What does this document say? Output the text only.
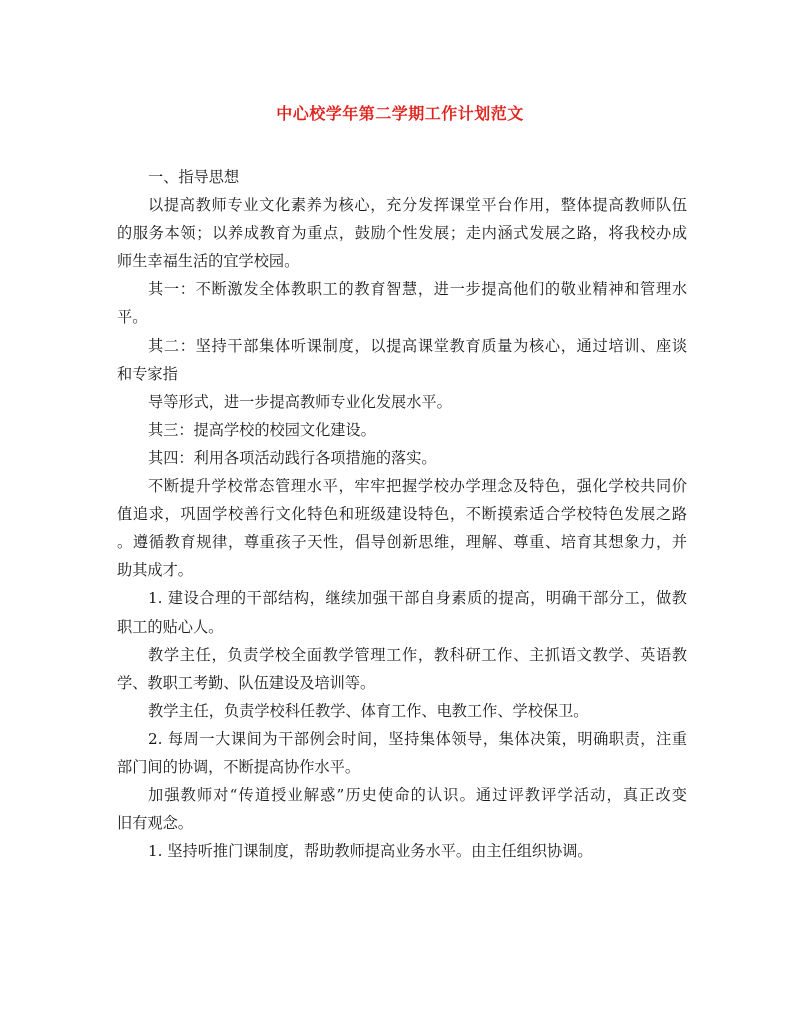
中心校学年第二学期工作计划范文
一、指导思想
以提高教师专业文化素养为核心，充分发挥课堂平台作用，整体提高教师队伍
的服务本领；以养成教育为重点，鼓励个性发展；走内涵式发展之路，将我校办成
师生幸福生活的宜学校园。
其一：不断激发全体教职工的教育智慧，进一步提高他们的敬业精神和管理水
平。
其二：坚持干部集体听课制度，以提高课堂教育质量为核心，通过培训、座谈
和专家指
导等形式，进一步提高教师专业化发展水平。
其三：提高学校的校园文化建设。
其四：利用各项活动践行各项措施的落实。
不断提升学校常态管理水平，牢牢把握学校办学理念及特色，强化学校共同价
值追求，巩固学校善行文化特色和班级建设特色，不断摸索适合学校特色发展之路
。遵循教育规律，尊重孩子天性，倡导创新思维，理解、尊重、培育其想象力，并
助其成才。
1. 建设合理的干部结构，继续加强干部自身素质的提高，明确干部分工，做教
职工的贴心人。
教学主任，负责学校全面教学管理工作，教科研工作、主抓语文教学、英语教
学、教职工考勤、队伍建设及培训等。
教学主任，负责学校科任教学、体育工作、电教工作、学校保卫。
2. 每周一大课间为干部例会时间，坚持集体领导，集体决策，明确职责，注重
部门间的协调，不断提高协作水平。
加强教师对“传道授业解惑”历史使命的认识。通过评教评学活动，真正改变
旧有观念。
1. 坚持听推门课制度，帮助教师提高业务水平。由主任组织协调。
